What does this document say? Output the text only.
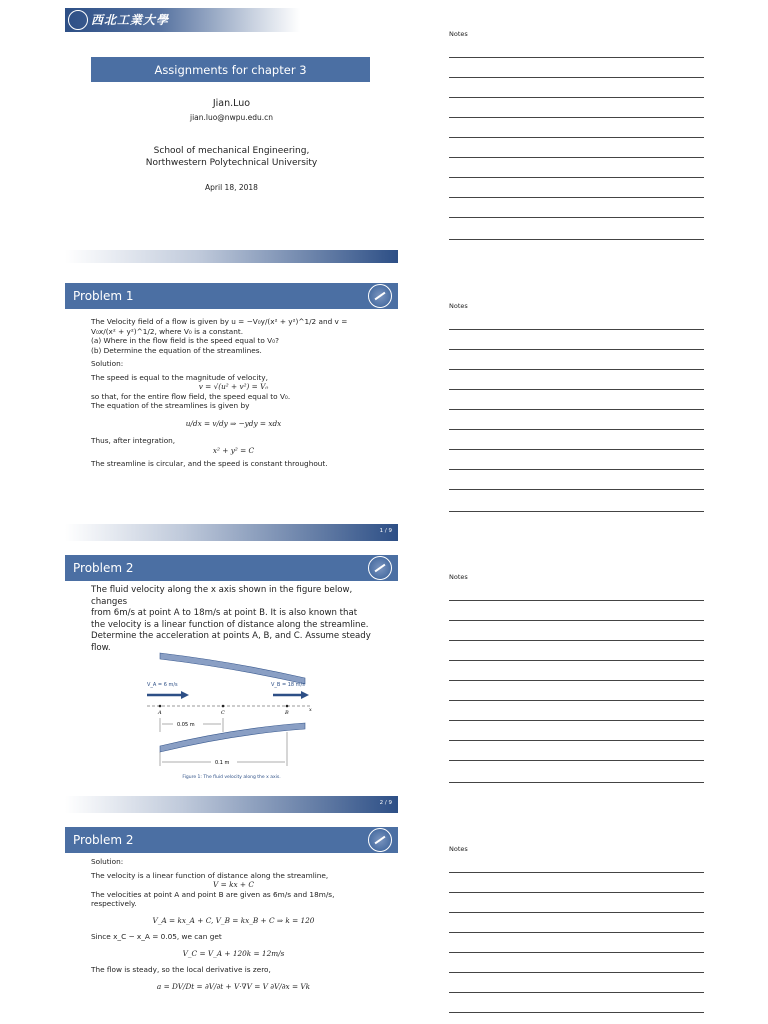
西北工業大學
Assignments for chapter 3
Jian.Luo
jian.luo@nwpu.edu.cn
School of mechanical Engineering,
Northwestern Polytechnical University
April 18, 2018
Problem 1

The Velocity field of a flow is given by u = −V₀y/(x² + y²)^1/2 and v =

V₀x/(x² + y²)^1/2, where V₀ is a constant.

(a) Where in the flow field is the speed equal to V₀?

(b) Determine the equation of the streamlines.

Solution:

The speed is equal to the magnitude of velocity,

v = √(u² + v²) = V₀

so that, for the entire flow field, the speed equal to V₀.

The equation of the streamlines is given by

u/dx = v/dy ⇒ −ydy = xdx

Thus, after integration,

x² + y² = C

The streamline is circular, and the speed is constant throughout.

1 / 9
Problem 2

The fluid velocity along the x axis shown in the figure below, changes

from 6m/s at point A to 18m/s at point B. It is also known that

the velocity is a linear function of distance along the streamline.

Determine the acceleration at points A, B, and C. Assume steady

flow.

V_A = 6 m/s	V_B = 18 m/s
A	C	B	x
0.05 m
0.1 m
Figure 1: The fluid velocity along the x axis.
2 / 9
Problem 2

Solution:

The velocity is a linear function of distance along the streamline,

V = kx + C

The velocities at point A and point B are given as 6m/s and 18m/s,

respectively.

V_A = kx_A + C, V_B = kx_B + C ⇒ k = 120

Since x_C − x_A = 0.05, we can get

V_C = V_A + 120k = 12m/s

The flow is steady, so the local derivative is zero,

a = DV/Dt = ∂V/∂t + V·∇V = V ∂V/∂x = Vk

Notes
Notes
Notes
Notes
